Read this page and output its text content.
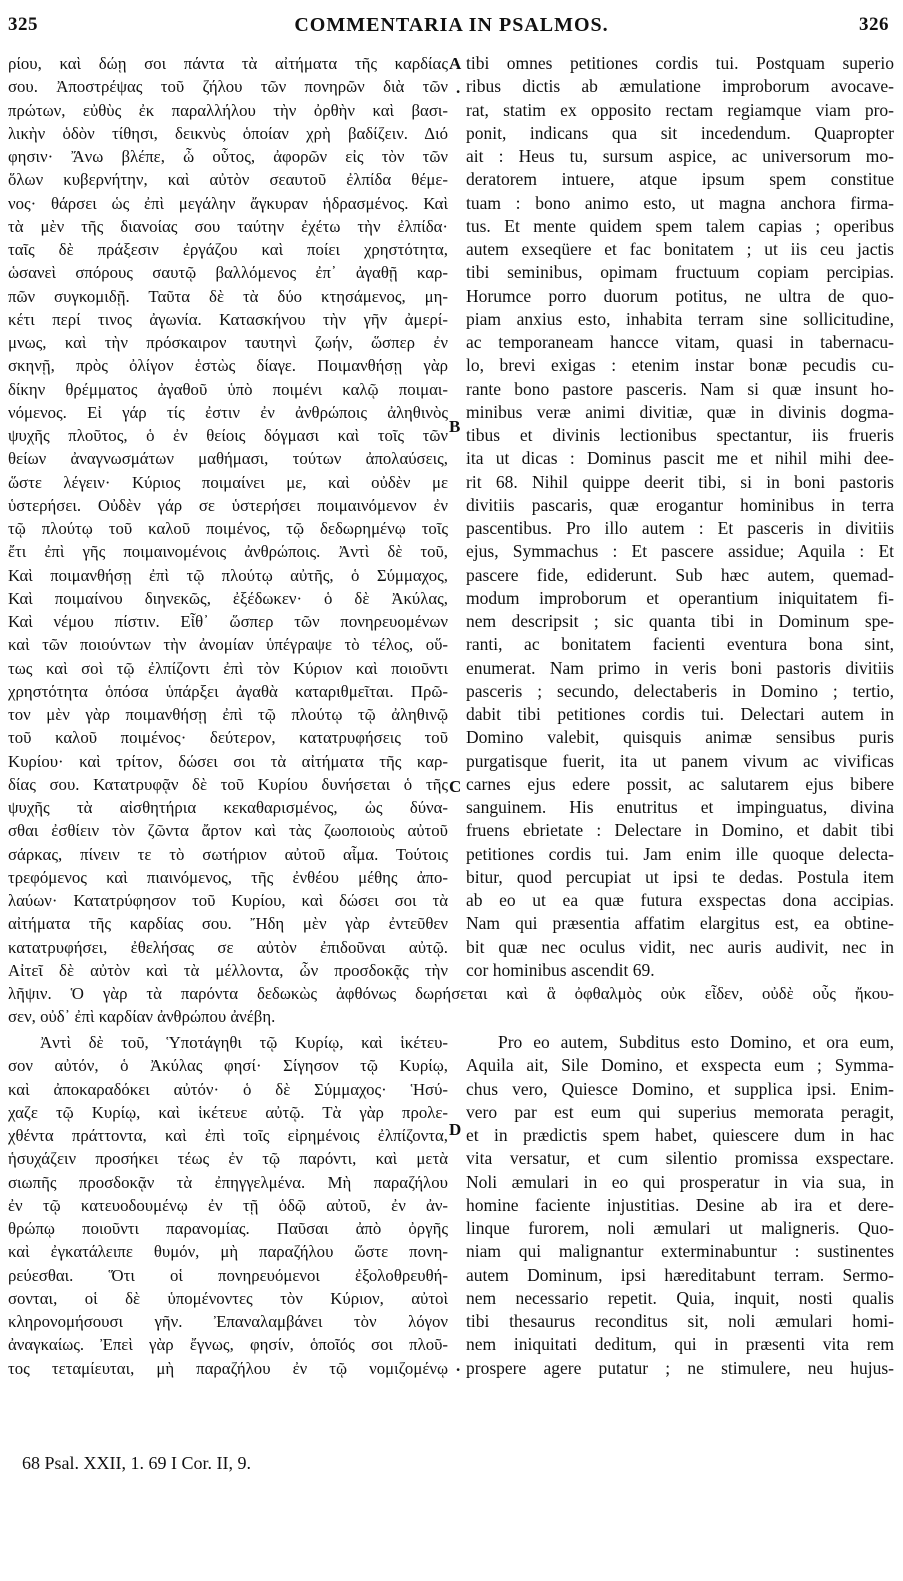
325	COMMENTARIA IN PSALMOS.	326
ρίου, καὶ δώῃ σοι πάντα τὰ αἰτήματα τῆς καρδίας
σου. Ἀποστρέψας τοῦ ζήλου τῶν πονηρῶν διὰ τῶν
πρώτων, εὐθὺς ἐκ παραλλήλου τὴν ὀρθὴν καὶ βασι-
λικὴν ὁδὸν τίθησι, δεικνὺς ὁποίαν χρὴ βαδίζειν. Διό
φησιν· Ἄνω βλέπε, ὦ οὗτος, ἀφορῶν εἰς τὸν τῶν
ὅλων κυβερνήτην, καὶ αὐτὸν σεαυτοῦ ἐλπίδα θέμε-
νος· θάρσει ὡς ἐπὶ μεγάλην ἄγκυραν ἡδρασμένος. Καὶ
τὰ μὲν τῆς διανοίας σου ταύτην ἐχέτω τὴν ἐλπίδα·
ταῖς δὲ πράξεσιν ἐργάζου καὶ ποίει χρηστότητα,
ὡσανεὶ σπόρους σαυτῷ βαλλόμενος ἐπ᾽ ἀγαθῇ καρ-
πῶν συγκομιδῇ. Ταῦτα δὲ τὰ δύο κτησάμενος, μη-
κέτι περί τινος ἀγωνία. Κατασκήνου τὴν γῆν ἀμερί-
μνως, καὶ τὴν πρόσκαιρον ταυτηνὶ ζωήν, ὥσπερ ἐν
σκηνῇ, πρὸς ὀλίγον ἑστὼς δίαγε. Ποιμανθήσῃ γὰρ
δίκην θρέμματος ἀγαθοῦ ὑπὸ ποιμένι καλῷ ποιμαι-
νόμενος. Εἰ γάρ τίς ἐστιν ἐν ἀνθρώποις ἀληθινὸς
ψυχῆς πλοῦτος, ὁ ἐν θείοις δόγμασι καὶ τοῖς τῶν
θείων ἀναγνωσμάτων μαθήμασι, τούτων ἀπολαύσεις,
ὥστε λέγειν· Κύριος ποιμαίνει με, καὶ οὐδὲν με
ὑστερήσει. Οὐδὲν γάρ σε ὑστερήσει ποιμαινόμενον ἐν
τῷ πλούτῳ τοῦ καλοῦ ποιμένος, τῷ δεδωρημένῳ τοῖς
ἔτι ἐπὶ γῆς ποιμαινομένοις ἀνθρώποις. Ἀντὶ δὲ τοῦ,
Καὶ ποιμανθήσῃ ἐπὶ τῷ πλούτῳ αὐτῆς, ὁ Σύμμαχος,
Καὶ ποιμαίνου διηνεκῶς, ἐξέδωκεν· ὁ δὲ Ἀκύλας,
Καὶ νέμου πίστιν. Εἶθ᾽ ὥσπερ τῶν πονηρευομένων
καὶ τῶν ποιούντων τὴν ἀνομίαν ὑπέγραψε τὸ τέλος, οὕ-
τως καὶ σοὶ τῷ ἐλπίζοντι ἐπὶ τὸν Κύριον καὶ ποιοῦντι
χρηστότητα ὁπόσα ὑπάρξει ἀγαθὰ καταριθμεῖται. Πρῶ-
τον μὲν γὰρ ποιμανθήσῃ ἐπὶ τῷ πλούτῳ τῷ ἀληθινῷ
τοῦ καλοῦ ποιμένος· δεύτερον, κατατρυφήσεις τοῦ
Κυρίου· καὶ τρίτον, δώσει σοι τὰ αἰτήματα τῆς καρ-
δίας σου. Κατατρυφᾷν δὲ τοῦ Κυρίου δυνήσεται ὁ τῆς
ψυχῆς τὰ αἰσθητήρια κεκαθαρισμένος, ὡς δύνα-
σθαι ἐσθίειν τὸν ζῶντα ἄρτον καὶ τὰς ζωοποιοὺς αὐτοῦ
σάρκας, πίνειν τε τὸ σωτήριον αὐτοῦ αἷμα. Τούτοις
τρεφόμενος καὶ πιαινόμενος, τῆς ἐνθέου μέθης ἀπο-
λαύων· Κατατρύφησον τοῦ Κυρίου, καὶ δώσει σοι τὰ
αἰτήματα τῆς καρδίας σου. Ἤδη μὲν γὰρ ἐντεῦθεν
κατατρυφήσει, ἐθελήσας σε αὐτὸν ἐπιδοῦναι αὐτῷ.
Αἰτεῖ δὲ αὐτὸν καὶ τὰ μέλλοντα, ὧν προσδοκᾷς τὴν
tibi omnes petitiones cordis tui. Postquam superio
ribus dictis ab æmulatione improborum avocave-
rat, statim ex opposito rectam regiamque viam pro-
ponit, indicans qua sit incedendum. Quapropter
ait : Heus tu, sursum aspice, ac universorum mo-
deratorem intuere, atque ipsum spem constitue
tuam : bono animo esto, ut magna anchora firma-
tus. Et mente quidem spem talem capias ; operibus
autem exseqüere et fac bonitatem ; ut iis ceu jactis
tibi seminibus, opimam fructuum copiam percipias.
Horumce porro duorum potitus, ne ultra de quo-
piam anxius esto, inhabita terram sine sollicitudine,
ac temporaneam hancce vitam, quasi in tabernacu-
lo, brevi exigas : etenim instar bonæ pecudis cu-
rante bono pastore pasceris. Nam si quæ insunt ho-
minibus veræ animi divitiæ, quæ in divinis dogma-
tibus et divinis lectionibus spectantur, iis frueris
ita ut dicas : Dominus pascit me et nihil mihi dee-
rit 68. Nihil quippe deerit tibi, si in boni pastoris
divitiis pascaris, quæ erogantur hominibus in terra
pascentibus. Pro illo autem : Et pasceris in divitiis
ejus, Symmachus : Et pascere assidue; Aquila : Et
pascere fide, ediderunt. Sub hæc autem, quemad-
modum improborum et operantium iniquitatem fi-
nem descripsit ; sic quanta tibi in Dominum spe-
ranti, ac bonitatem facienti eventura bona sint,
enumerat. Nam primo in veris boni pastoris divitiis
pasceris ; secundo, delectaberis in Domino ; tertio,
dabit tibi petitiones cordis tui. Delectari autem in
Domino valebit, quisquis animæ sensibus puris
purgatisque fuerit, ita ut panem vivum ac vivificas
carnes ejus edere possit, ac salutarem ejus bibere
sanguinem. His enutritus et impinguatus, divina
fruens ebrietate : Delectare in Domino, et dabit tibi
petitiones cordis tui. Jam enim ille quoque delecta-
bitur, quod percupiat ut ipsi te dedas. Postula item
ab eo ut ea quæ futura exspectas dona accipias.
Nam qui præsentia affatim elargitus est, ea obtine-
bit quæ nec oculus vidit, nec auris audivit, nec in
cor hominibus ascendit 69.
λῆψιν. Ὁ γὰρ τὰ παρόντα δεδωκὼς ἀφθόνως δωρήσεται καὶ ἃ ὀφθαλμὸς οὐκ εἶδεν, οὐδὲ οὖς ἤκου-
σεν, οὐδ᾽ ἐπὶ καρδίαν ἀνθρώπου ἀνέβη.
Ἀντὶ δὲ τοῦ, Ὑποτάγηθι τῷ Κυρίῳ, καὶ ἱκέτευ-
σον αὐτόν, ὁ Ἀκύλας φησί· Σίγησον τῷ Κυρίῳ,
καὶ ἀποκαραδόκει αὐτόν· ὁ δὲ Σύμμαχος· Ἡσύ-
χαζε τῷ Κυρίῳ, καὶ ἱκέτευε αὐτῷ. Τὰ γὰρ προλε-
χθέντα πράττοντα, καὶ ἐπὶ τοῖς εἰρημένοις ἐλπίζοντα,
ἡσυχάζειν προσήκει τέως ἐν τῷ παρόντι, καὶ μετὰ
σιωπῆς προσδοκᾷν τὰ ἐπηγγελμένα. Μὴ παραζήλου
ἐν τῷ κατευοδουμένῳ ἐν τῇ ὁδῷ αὐτοῦ, ἐν ἀν-
θρώπῳ ποιοῦντι παρανομίας. Παῦσαι ἀπὸ ὀργῆς
καὶ ἐγκατάλειπε θυμόν, μὴ παραζήλου ὥστε πονη-
ρεύεσθαι. Ὅτι οἱ πονηρευόμενοι ἐξολοθρευθή-
σονται, οἱ δὲ ὑπομένοντες τὸν Κύριον, αὐτοὶ
κληρονομήσουσι γῆν. Ἐπαναλαμβάνει τὸν λόγον
ἀναγκαίως. Ἐπεὶ γὰρ ἔγνως, φησίν, ὁποῖός σοι πλοῦ-
τος τεταμίευται, μὴ παραζήλου ἐν τῷ νομιζομένῳ
Pro eo autem, Subditus esto Domino, et ora eum,
Aquila ait, Sile Domino, et exspecta eum ; Symma-
chus vero, Quiesce Domino, et supplica ipsi. Enim-
vero par est eum qui superius memorata peragit,
et in prædictis spem habet, quiescere dum in hac
vita versatur, et cum silentio promissa exspectare.
Noli æmulari in eo qui prosperatur in via sua, in
homine faciente injustitias. Desine ab ira et dere-
linque furorem, noli æmulari ut maligneris. Quo-
niam qui malignantur exterminabuntur : sustinentes
autem Dominum, ipsi hæreditabunt terram. Sermo-
nem necessario repetit. Quia, inquit, nosti qualis
tibi thesaurus reconditus sit, noli æmulari homi-
nem iniquitati deditum, qui in præsenti vita rem
prospere agere putatur ; ne stimulere, neu hujus-
A
B
C
D
.
.
68 Psal. XXII, 1. 69 I Cor. II, 9.
